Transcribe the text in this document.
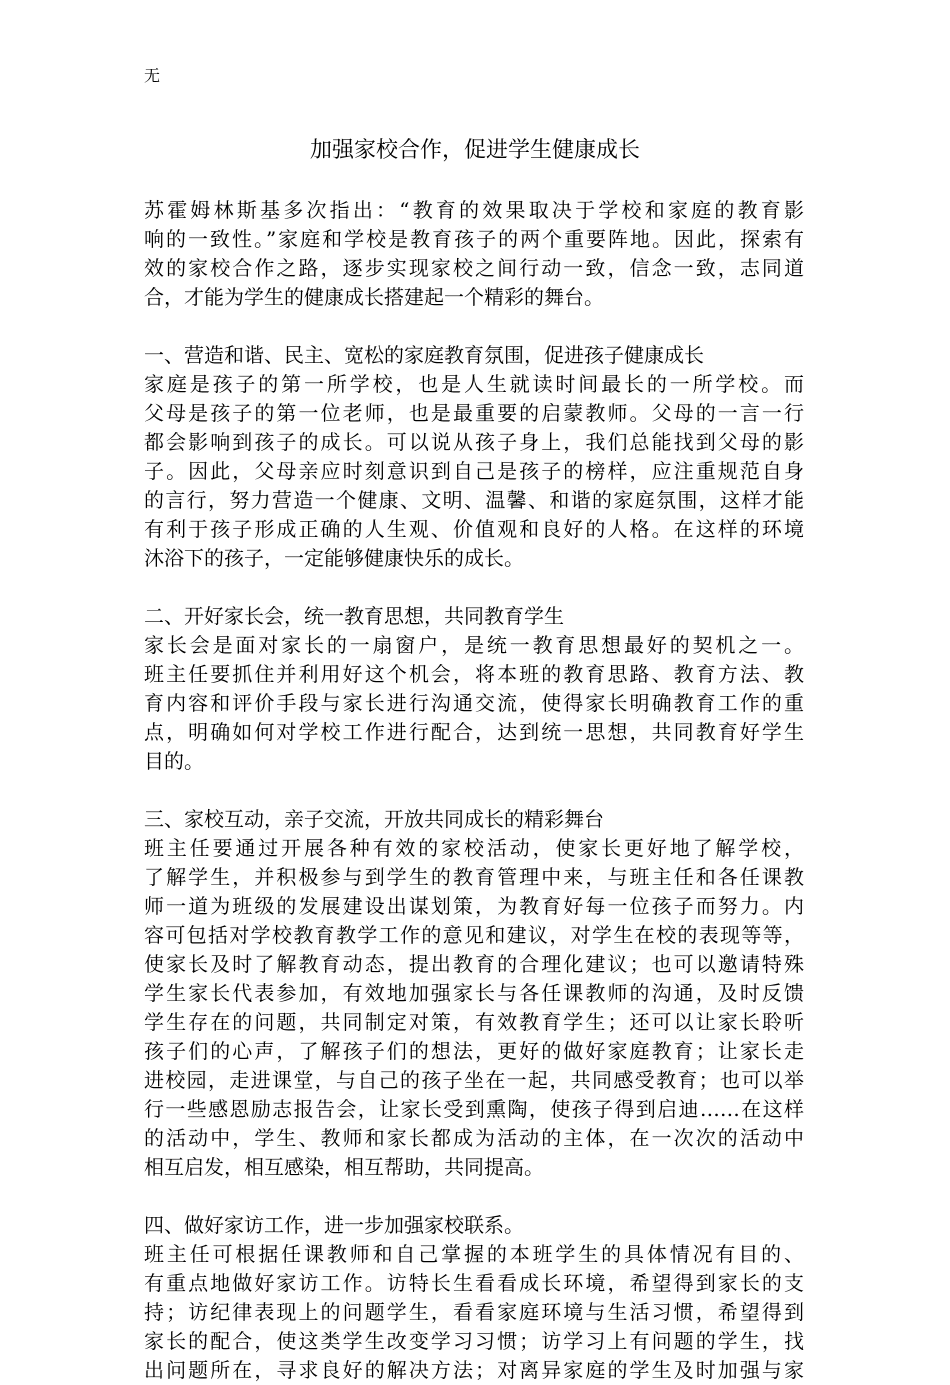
无
加强家校合作，促进学生健康成长
苏霍姆林斯基多次指出：“教育的效果取决于学校和家庭的教育影
响的一致性。”家庭和学校是教育孩子的两个重要阵地。因此，探索有
效的家校合作之路，逐步实现家校之间行动一致，信念一致，志同道
合，才能为学生的健康成长搭建起一个精彩的舞台。
一、营造和谐、民主、宽松的家庭教育氛围，促进孩子健康成长
家庭是孩子的第一所学校，也是人生就读时间最长的一所学校。而
父母是孩子的第一位老师，也是最重要的启蒙教师。父母的一言一行
都会影响到孩子的成长。可以说从孩子身上，我们总能找到父母的影
子。因此，父母亲应时刻意识到自己是孩子的榜样，应注重规范自身
的言行，努力营造一个健康、文明、温馨、和谐的家庭氛围，这样才能
有利于孩子形成正确的人生观、价值观和良好的人格。在这样的环境
沐浴下的孩子，一定能够健康快乐的成长。
二、开好家长会，统一教育思想，共同教育学生
家长会是面对家长的一扇窗户，是统一教育思想最好的契机之一。
班主任要抓住并利用好这个机会，将本班的教育思路、教育方法、教
育内容和评价手段与家长进行沟通交流，使得家长明确教育工作的重
点，明确如何对学校工作进行配合，达到统一思想，共同教育好学生
目的。
三、家校互动，亲子交流，开放共同成长的精彩舞台
班主任要通过开展各种有效的家校活动，使家长更好地了解学校，
了解学生，并积极参与到学生的教育管理中来，与班主任和各任课教
师一道为班级的发展建设出谋划策，为教育好每一位孩子而努力。内
容可包括对学校教育教学工作的意见和建议，对学生在校的表现等等，
使家长及时了解教育动态，提出教育的合理化建议；也可以邀请特殊
学生家长代表参加，有效地加强家长与各任课教师的沟通，及时反馈
学生存在的问题，共同制定对策，有效教育学生；还可以让家长聆听
孩子们的心声，了解孩子们的想法，更好的做好家庭教育；让家长走
进校园，走进课堂，与自己的孩子坐在一起，共同感受教育；也可以举
行一些感恩励志报告会，让家长受到熏陶，使孩子得到启迪……在这样
的活动中，学生、教师和家长都成为活动的主体，在一次次的活动中
相互启发，相互感染，相互帮助，共同提高。
四、做好家访工作，进一步加强家校联系。
班主任可根据任课教师和自己掌握的本班学生的具体情况有目的、
有重点地做好家访工作。访特长生看看成长环境，希望得到家长的支
持；访纪律表现上的问题学生，看看家庭环境与生活习惯，希望得到
家长的配合，使这类学生改变学习习惯；访学习上有问题的学生，找
出问题所在，寻求良好的解决方法；对离异家庭的学生及时加强与家
